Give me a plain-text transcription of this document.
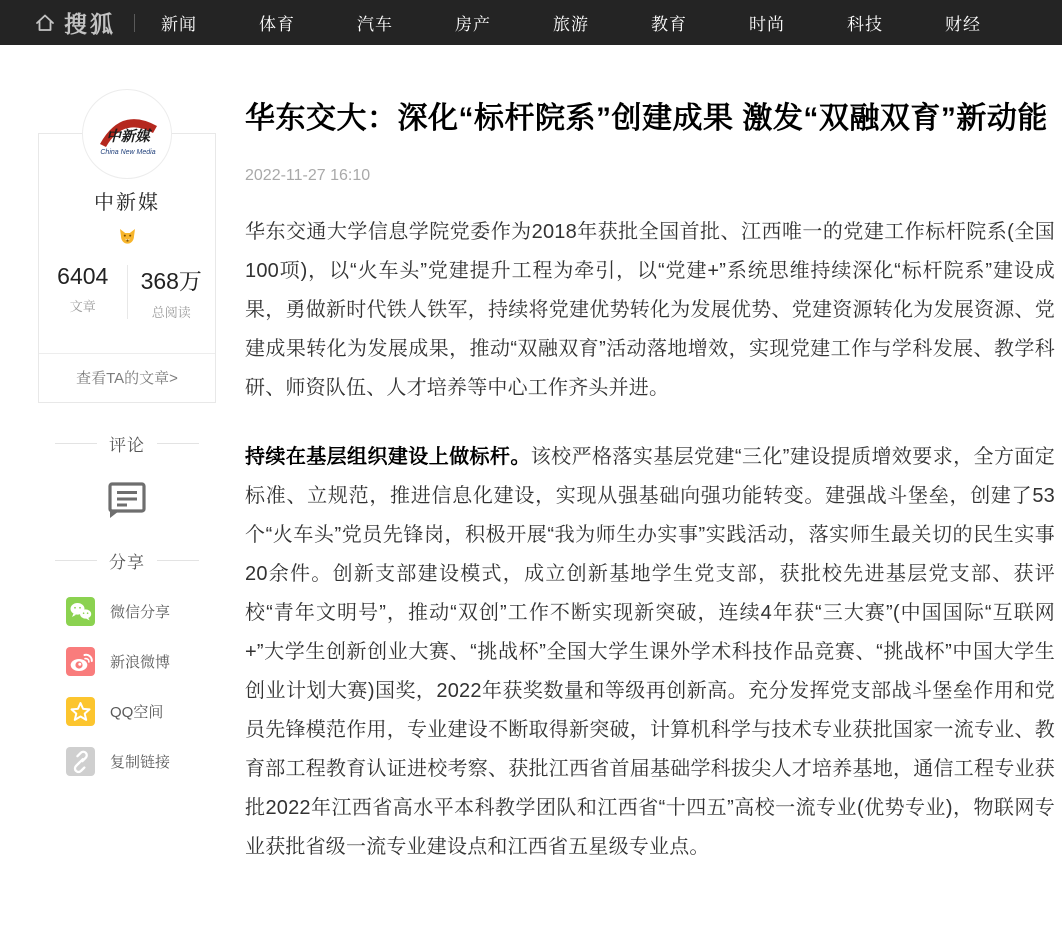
搜狐	新闻	体育	汽车	房产	旅游	教育	时尚	科技	财经
中新媒
China New Media
中新媒
6404
文章
368万
总阅读
查看TA的文章>
评论
分享
微信分享
新浪微博
QQ空间
复制链接
华东交大：深化“标杆院系”创建成果 激发“双融双育”新动能
2022-11-27 16:10

华东交通大学信息学院党委作为2018年获批全国首批、江西唯一的党建工作标杆院系(全国100项)，以“火车头”党建提升工程为牵引，以“党建+”系统思维持续深化“标杆院系”建设成果，勇做新时代铁人铁军，持续将党建优势转化为发展优势、党建资源转化为发展资源、党建成果转化为发展成果，推动“双融双育”活动落地增效，实现党建工作与学科发展、教学科研、师资队伍、人才培养等中心工作齐头并进。

持续在基层组织建设上做标杆。该校严格落实基层党建“三化”建设提质增效要求，全方面定标准、立规范，推进信息化建设，实现从强基础向强功能转变。建强战斗堡垒，创建了53个“火车头”党员先锋岗，积极开展“我为师生办实事”实践活动，落实师生最关切的民生实事20余件。创新支部建设模式，成立创新基地学生党支部，获批校先进基层党支部、获评校“青年文明号”，推动“双创”工作不断实现新突破，连续4年获“三大赛”(中国国际“互联网+”大学生创新创业大赛、“挑战杯”全国大学生课外学术科技作品竞赛、“挑战杯”中国大学生创业计划大赛)国奖，2022年获奖数量和等级再创新高。充分发挥党支部战斗堡垒作用和党员先锋模范作用，专业建设不断取得新突破，计算机科学与技术专业获批国家一流专业、教育部工程教育认证进校考察、获批江西省首届基础学科拔尖人才培养基地，通信工程专业获批2022年江西省高水平本科教学团队和江西省“十四五”高校一流专业(优势专业)，物联网专业获批省级一流专业建设点和江西省五星级专业点。
